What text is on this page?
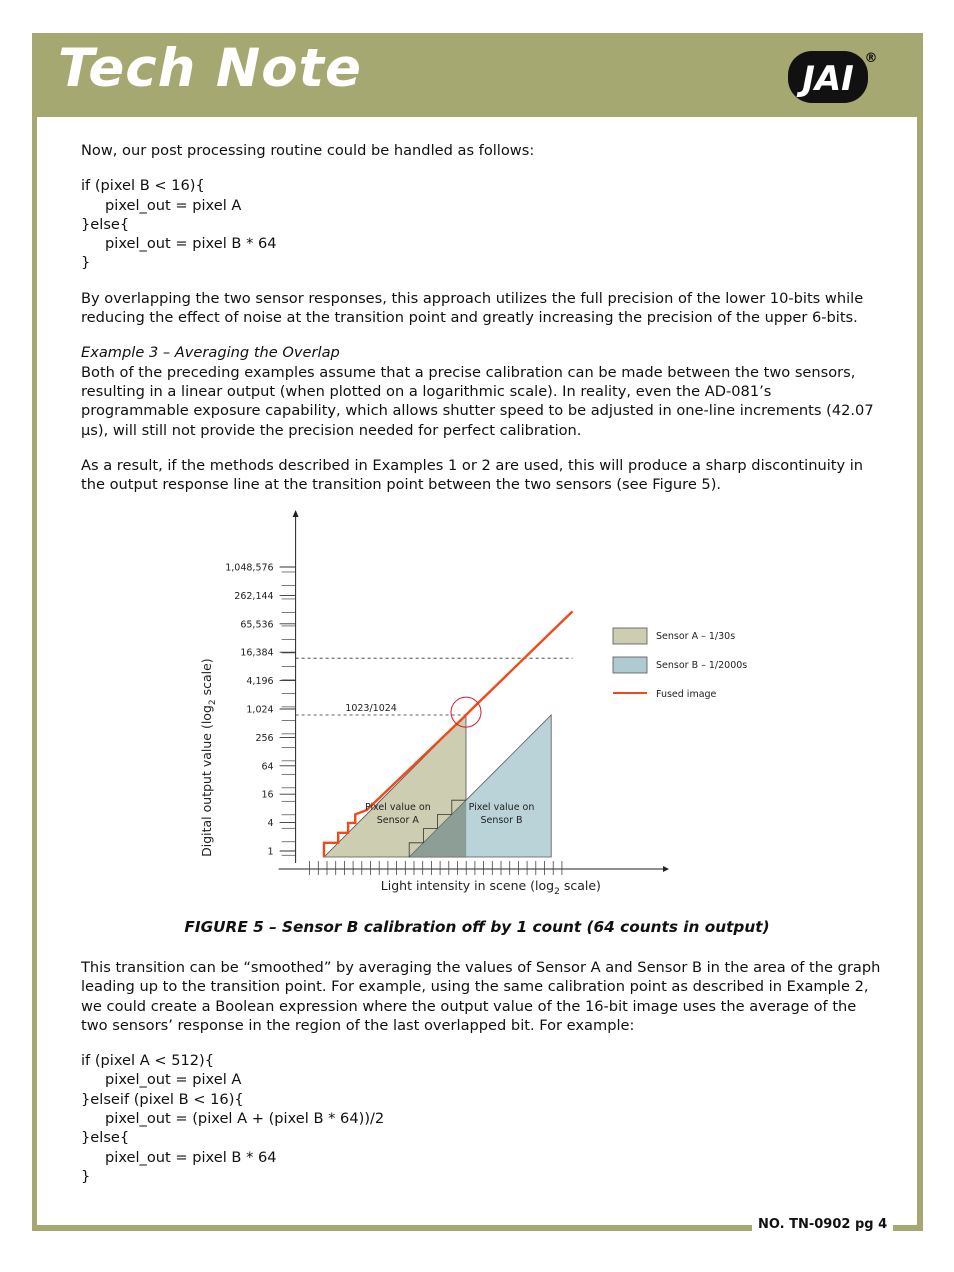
Tech Note	JAI
®

Now, our post processing routine could be handled as follows:

if (pixel B < 16){

pixel_out = pixel A

}else{

pixel_out = pixel B * 64

}

By overlapping the two sensor responses, this approach utilizes the full precision of the lower 10-bits while reducing the effect of noise at the transition point and greatly increasing the precision of the upper 6-bits.

Example 3 – Averaging the Overlap

Both of the preceding examples assume that a precise calibration can be made between the two sensors, resulting in a linear output (when plotted on a logarithmic scale). In reality, even the AD-081’s programmable exposure capability, which allows shutter speed to be adjusted in one-line increments (42.07 µs), will still not provide the precision needed for perfect calibration.

As a result, if the methods described in Examples 1 or 2 are used, this will produce a sharp discontinuity in the output response line at the transition point between the two sensors (see Figure 5).

1023/1024
1,048,576
262,144
65,536
16,384
4,196
1,024
256
64
16
4
1
Digital output value ($\log_2$ scale)
Light intensity in scene ($\log_2$ scale)
Pixel value on
Sensor A
Pixel value on
Sensor B
Sensor A – 1/30s
Sensor B – 1/2000s
Fused image
FIGURE 5 – Sensor B calibration off by 1 count (64 counts in output)

This transition can be “smoothed” by averaging the values of Sensor A and Sensor B in the area of the graph leading up to the transition point. For example, using the same calibration point as described in Example 2, we could create a Boolean expression where the output value of the 16-bit image uses the average of the two sensors’ response in the region of the last overlapped bit. For example:

if (pixel A < 512){

pixel_out = pixel A

}elseif (pixel B < 16){

pixel_out = (pixel A + (pixel B * 64))/2

}else{

pixel_out = pixel B * 64

}

NO. TN-0902 pg 4
